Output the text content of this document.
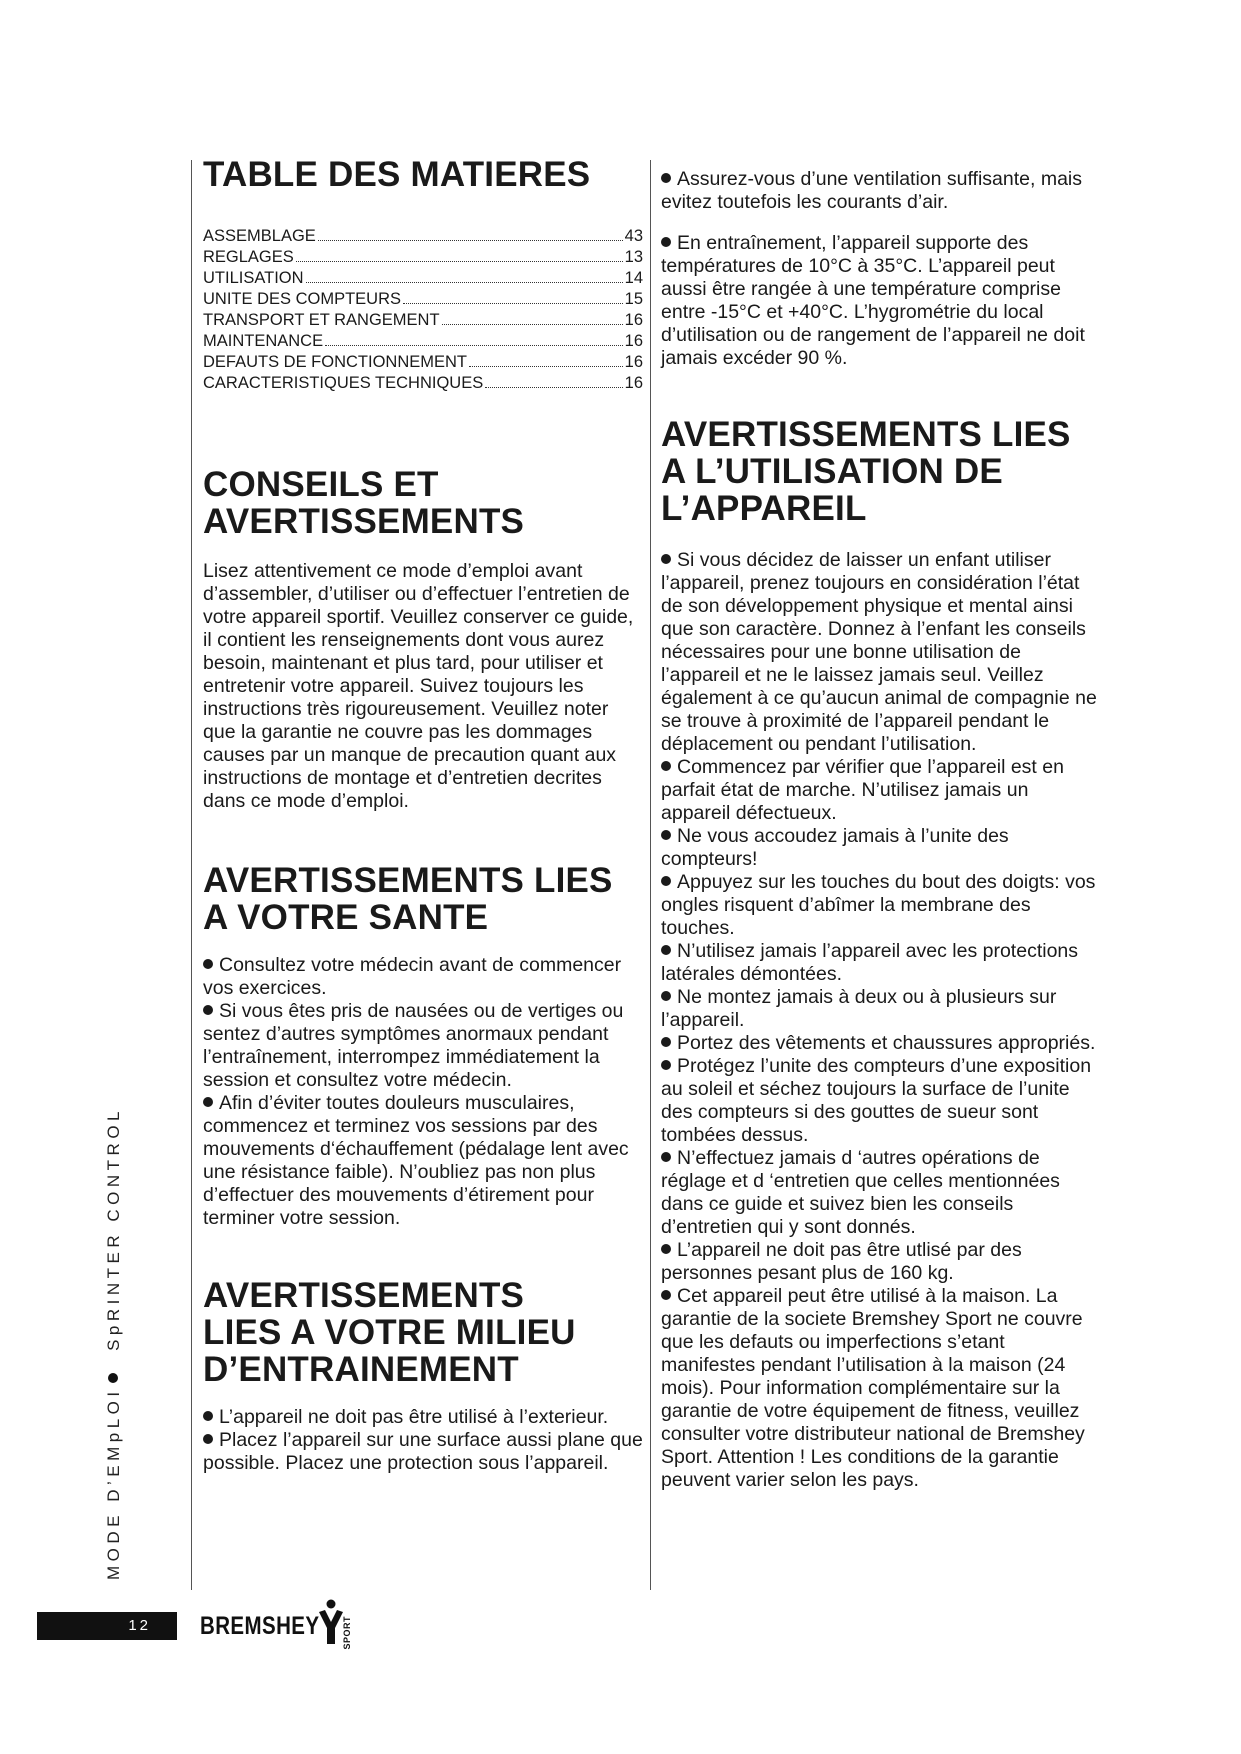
TABLE DES MATIERES
ASSEMBLAGE	43
REGLAGES	13
UTILISATION	14
UNITE DES COMPTEURS	15
TRANSPORT ET RANGEMENT	16
MAINTENANCE	16
DEFAUTS DE FONCTIONNEMENT	16
CARACTERISTIQUES TECHNIQUES	16
CONSEILS ET
AVERTISSEMENTS

Lisez attentivement ce mode d’emploi avant d’assembler, d’utiliser ou d’effectuer l’entretien de votre appareil sportif. Veuillez conserver ce guide, il contient les renseignements dont vous aurez besoin, maintenant et plus tard, pour utiliser et entretenir votre appareil. Suivez toujours les instructions très rigoureusement. Veuillez noter que la garantie ne couvre pas les dommages causes par un manque de precaution quant aux instructions de montage et d’entretien decrites dans ce mode d’emploi.

AVERTISSEMENTS LIES
A VOTRE SANTE

Consultez votre médecin avant de commencer vos exercices.

Si vous êtes pris de nausées ou de vertiges ou sentez d’autres symptômes anormaux pendant l’entraînement, interrompez immédiatement la session et consultez votre médecin.

Afin d’éviter toutes douleurs musculaires, commencez et terminez vos sessions par des mouvements d‘échauffement (pédalage lent avec une résistance faible). N’oubliez pas non plus d’effectuer des mouvements d’étirement pour terminer votre session.

AVERTISSEMENTS
LIES A VOTRE MILIEU
D’ENTRAINEMENT

L’appareil ne doit pas être utilisé à l’exterieur.

Placez l’appareil sur une surface aussi plane que possible. Placez une protection sous l’appareil.

Assurez-vous d’une ventilation suffisante, mais evitez toutefois les courants d’air.

En entraînement, l’appareil supporte des températures de 10°C à 35°C. L’appareil peut aussi être rangée à une température comprise entre -15°C et +40°C. L’hygrométrie du local d’utilisation ou de rangement de l’appareil ne doit jamais excéder 90 %.

AVERTISSEMENTS LIES
A L’UTILISATION DE
L’APPAREIL

Si vous décidez de laisser un enfant utiliser l’appareil, prenez toujours en considération l’état de son développement physique et mental ainsi que son caractère. Donnez à l’enfant les conseils nécessaires pour une bonne utilisation de l’appareil et ne le laissez jamais seul. Veillez également à ce qu’aucun animal de compagnie ne se trouve à proximité de l’appareil pendant le déplacement ou pendant l’utilisation.

Commencez par vérifier que l’appareil est en parfait état de marche. N’utilisez jamais un appareil défectueux.

Ne vous accoudez jamais à l’unite des compteurs!

Appuyez sur les touches du bout des doigts: vos ongles risquent d’abîmer la membrane des touches.

N’utilisez jamais l’appareil avec les protections latérales démontées.

Ne montez jamais à deux ou à plusieurs sur l’appareil.

Portez des vêtements et chaussures appropriés.

Protégez l’unite des compteurs d’une exposition au soleil et séchez toujours la surface de l’unite des compteurs si des gouttes de sueur sont tombées dessus.

N’effectuez jamais d ‘autres opérations de réglage et d ‘entretien que celles mentionnées dans ce guide et suivez bien les conseils d’entretien qui y sont donnés.

L’appareil ne doit pas être utlisé par des personnes pesant plus de 160 kg.

Cet appareil peut être utilisé à la maison. La garantie de la societe Bremshey Sport ne couvre que les defauts ou imperfections s’etant manifestes pendant l’utilisation à la maison (24 mois). Pour information complémentaire sur la garantie de votre équipement de fitness, veuillez consulter votre distributeur national de Bremshey Sport. Attention ! Les conditions de la garantie peuvent varier selon les pays.

MODE D’EMpLOI  SpRINTER CONTROL
12	BREMSHEY	SPORT
